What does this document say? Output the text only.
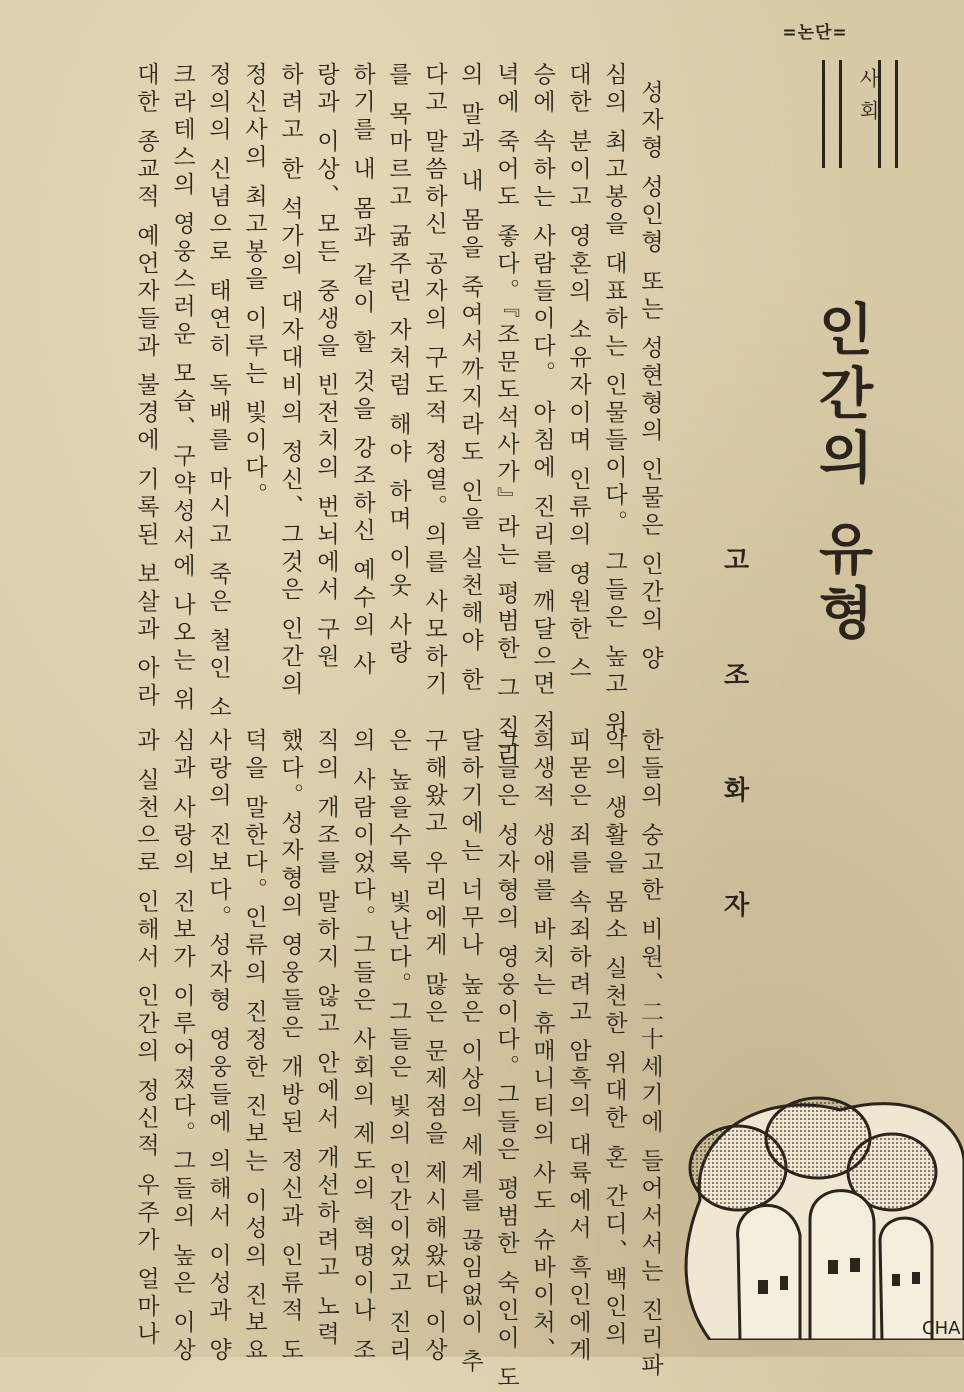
=논단=
사회
인간의 유형
고 조 화 자
성자형 성인형 또는 성현형의 인물은 인간의 양
심의 최고봉을 대표하는 인물들이다。 그들은 높고 위
대한 분이고 영혼의 소유자이며 인류의 영원한 스
승에 속하는 사람들이다。 아침에 진리를 깨달으면 저
녁에 죽어도 좋다。『조문도석사가』라는 평범한 그 진리
의 말과 내 몸을 죽여서까지라도 인을 실천해야 한
다고 말씀하신 공자의 구도적 정열。의를 사모하기
를 목마르고 굶주린 자처럼 해야 하며 이웃 사랑
하기를 내 몸과 같이 할 것을 강조하신 예수의 사
랑과 이상、모든 중생을 빈전치의 번뇌에서 구원
하려고 한 석가의 대자대비의 정신、그것은 인간의
정신사의 최고봉을 이루는 빛이다。
정의의 신념으로 태연히 독배를 마시고 죽은 철인 소
크라테스의 영웅스러운 모습、구약성서에 나오는 위
대한 종교적 예언자들과 불경에 기록된 보살과 아라
한들의 숭고한 비원、二十세기에 들어서서는 진리파
악의 생활을 몸소 실천한 위대한 혼 간디、백인의
피묻은 죄를 속죄하려고 암흑의 대륙에서 흑인에게
희생적 생애를 바치는 휴매니티의 사도 슈바이처、
그들은 성자형의 영웅이다。그들은 평범한 숙인이 도
달하기에는 너무나 높은 이상의 세계를 끊임없이 추
구해왔고 우리에게 많은 문제점을 제시해왔다 이상
은 높을수록 빛난다。그들은 빛의 인간이었고 진리
의 사람이었다。그들은 사회의 제도의 혁명이나 조
직의 개조를 말하지 않고 안에서 개선하려고 노력
했다。성자형의 영웅들은 개방된 정신과 인류적 도
덕을 말한다。인류의 진정한 진보는 이성의 진보요
사랑의 진보다。성자형 영웅들에 의해서 이성과 양
심과 사랑의 진보가 이루어졌다。그들의 높은 이상
과 실천으로 인해서 인간의 정신적 우주가 얼마나	CHA
